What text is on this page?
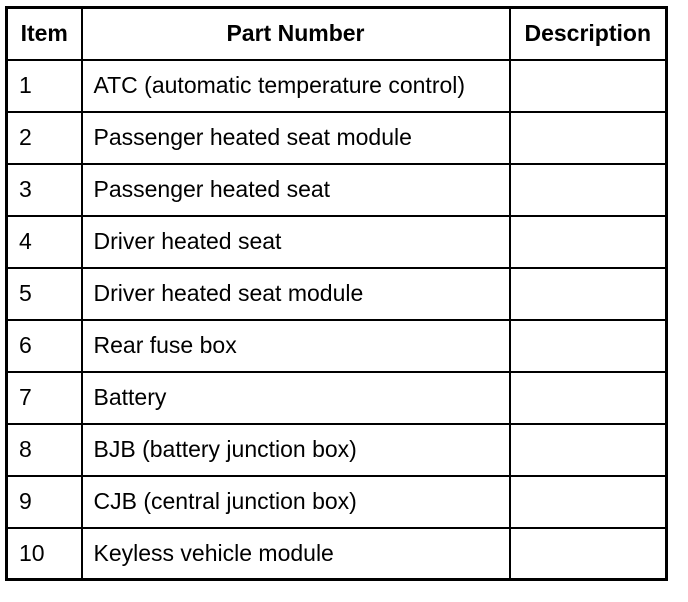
Item	Part Number	Description
1	ATC (automatic temperature control)	
2	Passenger heated seat module	
3	Passenger heated seat	
4	Driver heated seat	
5	Driver heated seat module	
6	Rear fuse box	
7	Battery	
8	BJB (battery junction box)	
9	CJB (central junction box)	
10	Keyless vehicle module	
